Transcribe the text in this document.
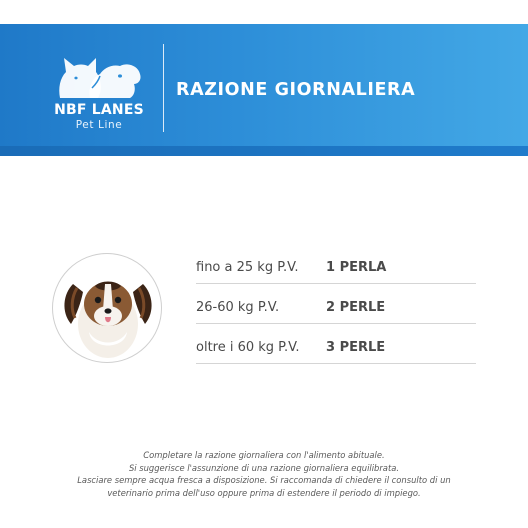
NBF LANES
Pet Line
RAZIONE GIORNALIERA
fino a 25 kg P.V. 1 PERLA
26-60 kg P.V.	2 PERLE
oltre i 60 kg P.V. 3 PERLE
Completare la razione giornaliera con l'alimento abituale.
Si suggerisce l'assunzione di una razione giornaliera equilibrata.
Lasciare sempre acqua fresca a disposizione. Si raccomanda di chiedere il consulto di un
veterinario prima dell'uso oppure prima di estendere il periodo di impiego.
